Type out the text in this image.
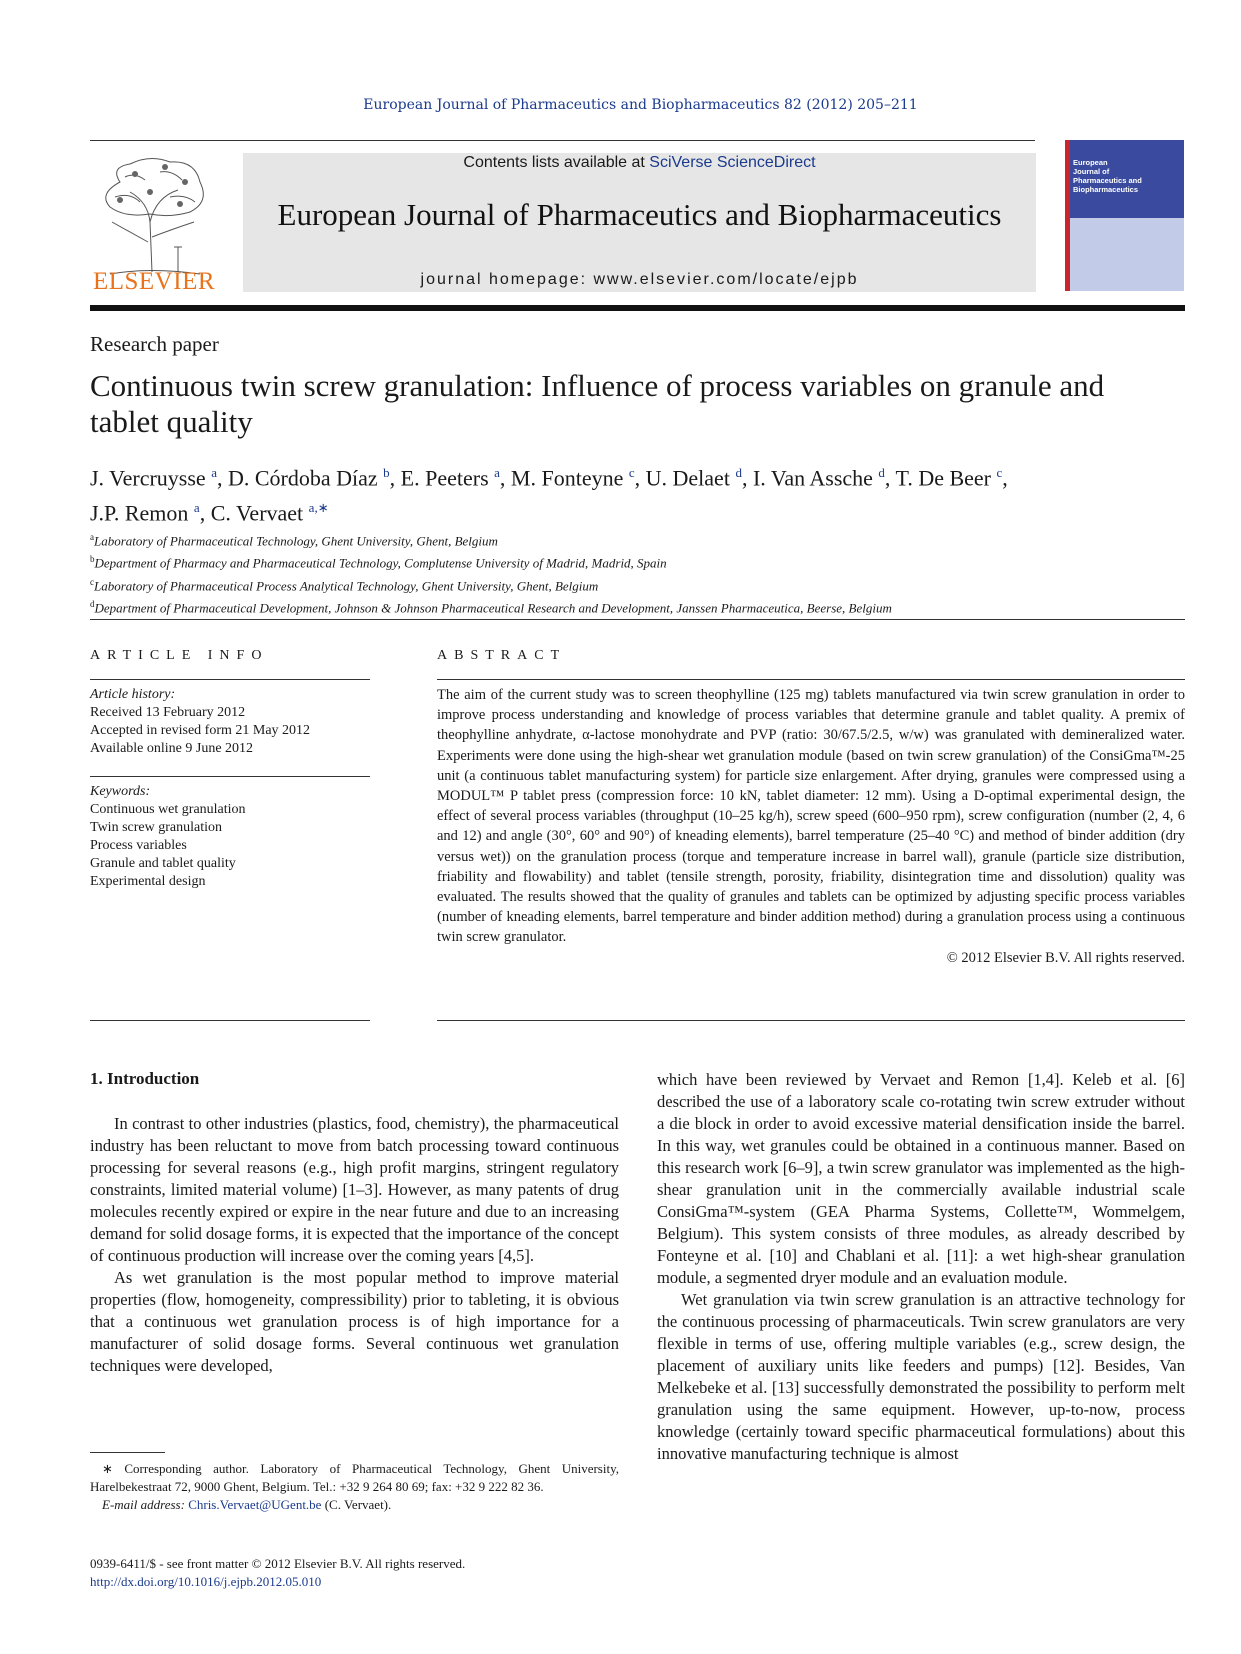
European Journal of Pharmaceutics and Biopharmaceutics 82 (2012) 205–211
ELSEVIER
Contents lists available at SciVerse ScienceDirect
European Journal of Pharmaceutics and Biopharmaceutics
journal homepage: www.elsevier.com/locate/ejpb
European
Journal of
Pharmaceutics and
Biopharmaceutics
Research paper
Continuous twin screw granulation: Influence of process variables on granule and tablet quality
J. Vercruysse $^a$, D. Córdoba Díaz $^b$, E. Peeters $^a$, M. Fonteyne $^c$, U. Delaet $^d$, I. Van Assche $^d$, T. De Beer $^c$,
J.P. Remon $^a$, C. Vervaet $^{a,∗}$
$^a$Laboratory of Pharmaceutical Technology, Ghent University, Ghent, Belgium
$^b$Department of Pharmacy and Pharmaceutical Technology, Complutense University of Madrid, Madrid, Spain
$^c$Laboratory of Pharmaceutical Process Analytical Technology, Ghent University, Ghent, Belgium
$^d$Department of Pharmaceutical Development, Johnson & Johnson Pharmaceutical Research and Development, Janssen Pharmaceutica, Beerse, Belgium
ARTICLE INFO	ABSTRACT
Article history:
Received 13 February 2012
Accepted in revised form 21 May 2012
Available online 9 June 2012
Keywords:
Continuous wet granulation
Twin screw granulation
Process variables
Granule and tablet quality
Experimental design
The aim of the current study was to screen theophylline (125 mg) tablets manufactured via twin screw granulation in order to improve process understanding and knowledge of process variables that determine granule and tablet quality. A premix of theophylline anhydrate, α-lactose monohydrate and PVP (ratio: 30/67.5/2.5, w/w) was granulated with demineralized water. Experiments were done using the high-shear wet granulation module (based on twin screw granulation) of the ConsiGma™-25 unit (a continuous tablet manufacturing system) for particle size enlargement. After drying, granules were compressed using a MODUL™ P tablet press (compression force: 10 kN, tablet diameter: 12 mm). Using a D-optimal experimental design, the effect of several process variables (throughput (10–25 kg/h), screw speed (600–950 rpm), screw configuration (number (2, 4, 6 and 12) and angle (30°, 60° and 90°) of kneading elements), barrel temperature (25–40 °C) and method of binder addition (dry versus wet)) on the granulation process (torque and temperature increase in barrel wall), granule (particle size distribution, friability and flowability) and tablet (tensile strength, porosity, friability, disintegration time and dissolution) quality was evaluated. The results showed that the quality of granules and tablets can be optimized by adjusting specific process variables (number of kneading elements, barrel temperature and binder addition method) during a granulation process using a continuous twin screw granulator.
© 2012 Elsevier B.V. All rights reserved.
1. Introduction

In contrast to other industries (plastics, food, chemistry), the pharmaceutical industry has been reluctant to move from batch processing toward continuous processing for several reasons (e.g., high profit margins, stringent regulatory constraints, limited material volume) [1–3]. However, as many patents of drug molecules recently expired or expire in the near future and due to an increasing demand for solid dosage forms, it is expected that the importance of the concept of continuous production will increase over the coming years [4,5].

As wet granulation is the most popular method to improve material properties (flow, homogeneity, compressibility) prior to tableting, it is obvious that a continuous wet granulation process is of high importance for a manufacturer of solid dosage forms. Several continuous wet granulation techniques were developed,

which have been reviewed by Vervaet and Remon [1,4]. Keleb et al. [6] described the use of a laboratory scale co-rotating twin screw extruder without a die block in order to avoid excessive material densification inside the barrel. In this way, wet granules could be obtained in a continuous manner. Based on this research work [6–9], a twin screw granulator was implemented as the high-shear granulation unit in the commercially available industrial scale ConsiGma™-system (GEA Pharma Systems, Collette™, Wommelgem, Belgium). This system consists of three modules, as already described by Fonteyne et al. [10] and Chablani et al. [11]: a wet high-shear granulation module, a segmented dryer module and an evaluation module.

Wet granulation via twin screw granulation is an attractive technology for the continuous processing of pharmaceuticals. Twin screw granulators are very flexible in terms of use, offering multiple variables (e.g., screw design, the placement of auxiliary units like feeders and pumps) [12]. Besides, Van Melkebeke et al. [13] successfully demonstrated the possibility to perform melt granulation using the same equipment. However, up-to-now, process knowledge (certainly toward specific pharmaceutical formulations) about this innovative manufacturing technique is almost

∗ Corresponding author. Laboratory of Pharmaceutical Technology, Ghent University, Harelbekestraat 72, 9000 Ghent, Belgium. Tel.: +32 9 264 80 69; fax: +32 9 222 82 36.

E-mail address: Chris.Vervaet@UGent.be (C. Vervaet).

0939-6411/$ - see front matter © 2012 Elsevier B.V. All rights reserved.
http://dx.doi.org/10.1016/j.ejpb.2012.05.010
